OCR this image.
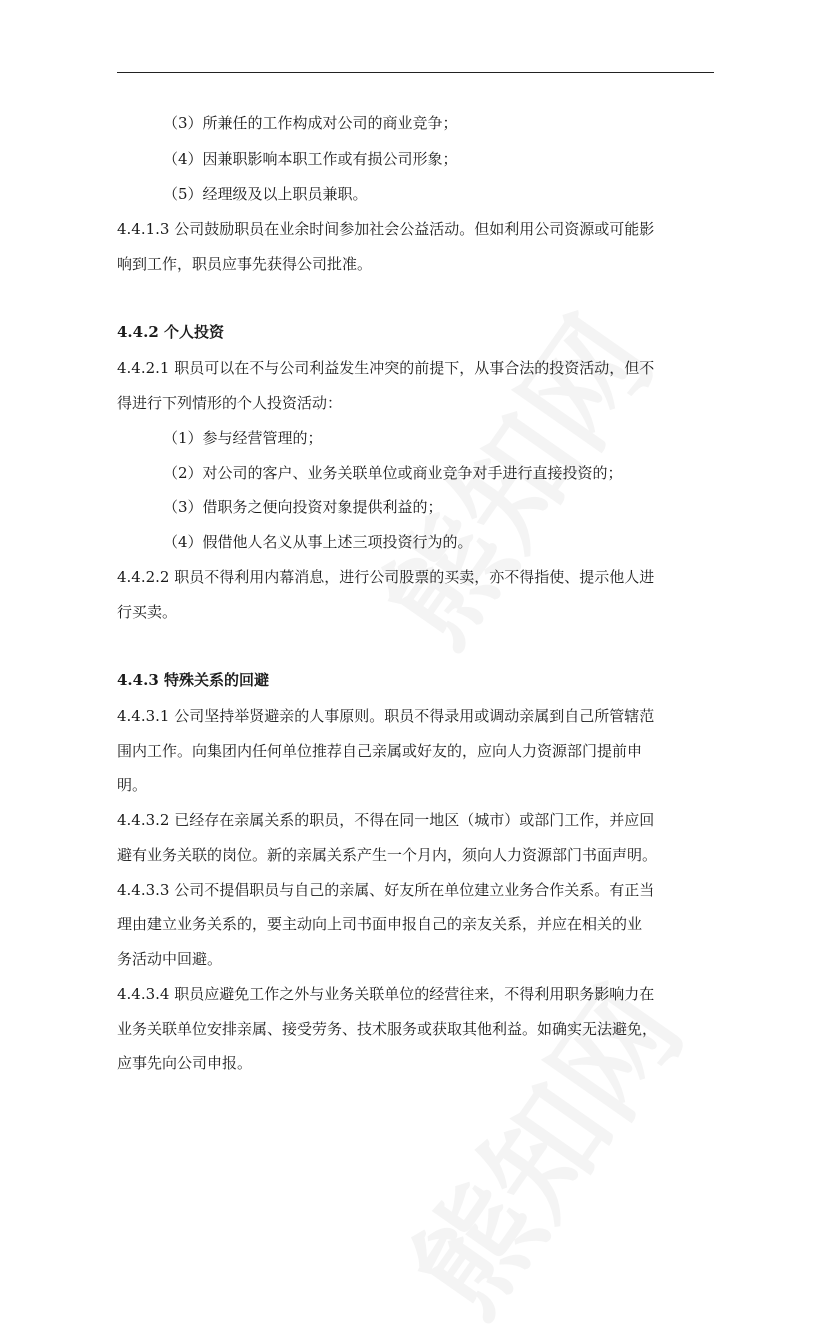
（3）所兼任的工作构成对公司的商业竞争；
（4）因兼职影响本职工作或有损公司形象；
（5）经理级及以上职员兼职。
4.4.1.3 公司鼓励职员在业余时间参加社会公益活动。但如利用公司资源或可能影
响到工作，职员应事先获得公司批准。
4.4.2 个人投资
4.4.2.1 职员可以在不与公司利益发生冲突的前提下，从事合法的投资活动，但不
得进行下列情形的个人投资活动：
（1）参与经营管理的；
（2）对公司的客户、业务关联单位或商业竞争对手进行直接投资的；
（3）借职务之便向投资对象提供利益的；
（4）假借他人名义从事上述三项投资行为的。
4.4.2.2 职员不得利用内幕消息，进行公司股票的买卖，亦不得指使、提示他人进
行买卖。
4.4.3 特殊关系的回避
4.4.3.1 公司坚持举贤避亲的人事原则。职员不得录用或调动亲属到自己所管辖范
围内工作。向集团内任何单位推荐自己亲属或好友的，应向人力资源部门提前申
明。
4.4.3.2 已经存在亲属关系的职员，不得在同一地区（城市）或部门工作，并应回
避有业务关联的岗位。新的亲属关系产生一个月内，须向人力资源部门书面声明。
4.4.3.3 公司不提倡职员与自己的亲属、好友所在单位建立业务合作关系。有正当
理由建立业务关系的，要主动向上司书面申报自己的亲友关系，并应在相关的业
务活动中回避。
4.4.3.4 职员应避免工作之外与业务关联单位的经营往来，不得利用职务影响力在
业务关联单位安排亲属、接受劳务、技术服务或获取其他利益。如确实无法避免，
应事先向公司申报。
